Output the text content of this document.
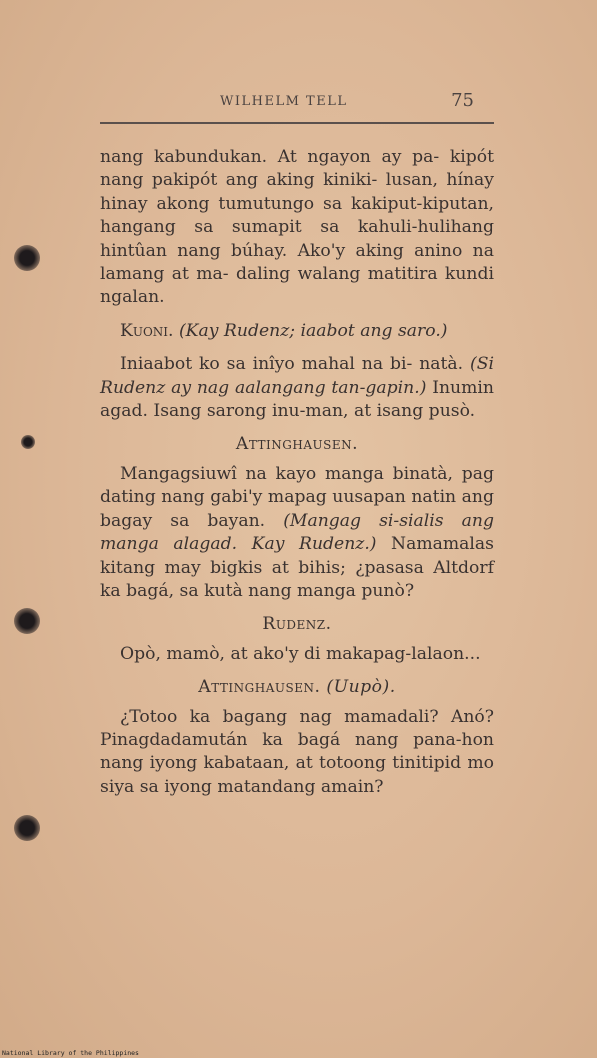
WILHELM TELL	75

nang kabundukan. At ngayon ay pa- kipót nang pakipót ang aking kiniki- lusan, hínay hinay akong tumutungo sa kakiput-kiputan, hangang sa sumapit sa kahuli-hulihang hintûan nang búhay. Ako'y aking anino na lamang at ma- daling walang matitira kundi ngalan.

Kuoni. (Kay Rudenz; iaabot ang saro.)

Iniaabot ko sa inîyo mahal na bi- natà. (Si Rudenz ay nag aalangang tan-gapin.) Inumin agad. Isang sarong inu-man, at isang pusò.

Attinghausen.

Mangagsiuwî na kayo manga binatà, pag dating nang gabi'y mapag uusapan natin ang bagay sa bayan. (Mangag si-sialis ang manga alagad. Kay Rudenz.) Namamalas kitang may bigkis at bihis; ¿pasasa Altdorf ka bagá, sa kutà nang manga punò?

Rudenz.

Opò, mamò, at ako'y di makapag-lalaon...

Attinghausen. (Uupò).

¿Totoo ka bagang nag mamadali? Anó? Pinagdadamután ka bagá nang pana-hon nang iyong kabataan, at totoong tinitipid mo siya sa iyong matandang amain?

National Library of the Philippines
